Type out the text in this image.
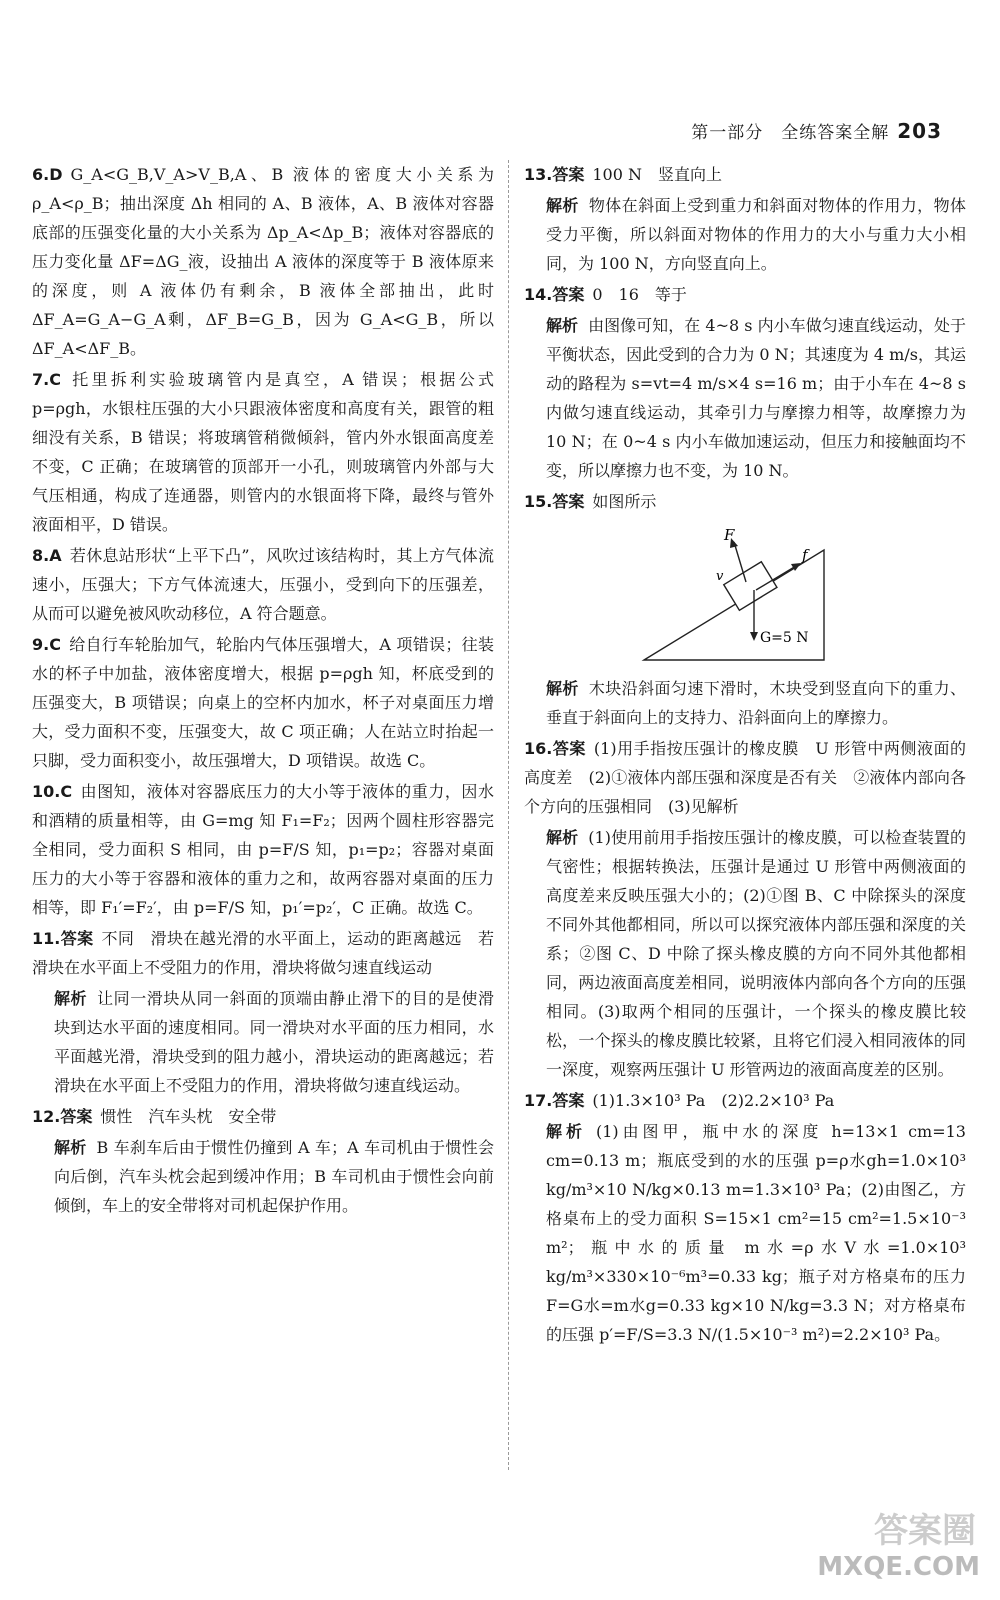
第一部分　全练答案全解 203
6.D G_A<G_B,V_A>V_B,A、B 液体的密度大小关系为 ρ_A<ρ_B；抽出深度 Δh 相同的 A、B 液体，A、B 液体对容器底部的压强变化量的大小关系为 Δp_A<Δp_B；液体对容器底的压力变化量 ΔF=ΔG_液，设抽出 A 液体的深度等于 B 液体原来的深度，则 A 液体仍有剩余，B 液体全部抽出，此时 ΔF_A=G_A−G_A剩，ΔF_B=G_B，因为 G_A<G_B，所以 ΔF_A<ΔF_B。
7.C 托里拆利实验玻璃管内是真空，A 错误；根据公式 p=ρgh，水银柱压强的大小只跟液体密度和高度有关，跟管的粗细没有关系，B 错误；将玻璃管稍微倾斜，管内外水银面高度差不变，C 正确；在玻璃管的顶部开一小孔，则玻璃管内外部与大气压相通，构成了连通器，则管内的水银面将下降，最终与管外液面相平，D 错误。
8.A 若休息站形状“上平下凸”，风吹过该结构时，其上方气体流速小，压强大；下方气体流速大，压强小，受到向下的压强差，从而可以避免被风吹动移位，A 符合题意。
9.C 给自行车轮胎加气，轮胎内气体压强增大，A 项错误；往装水的杯子中加盐，液体密度增大，根据 p=ρgh 知，杯底受到的压强变大，B 项错误；向桌上的空杯内加水，杯子对桌面压力增大，受力面积不变，压强变大，故 C 项正确；人在站立时抬起一只脚，受力面积变小，故压强增大，D 项错误。故选 C。
10.C 由图知，液体对容器底压力的大小等于液体的重力，因水和酒精的质量相等，由 G=mg 知 F₁=F₂；因两个圆柱形容器完全相同，受力面积 S 相同，由 p=F/S 知，p₁=p₂；容器对桌面压力的大小等于容器和液体的重力之和，故两容器对桌面的压力相等，即 F₁′=F₂′，由 p=F/S 知，p₁′=p₂′，C 正确。故选 C。
11.答案 不同　滑块在越光滑的水平面上，运动的距离越远　若滑块在水平面上不受阻力的作用，滑块将做匀速直线运动
解析 让同一滑块从同一斜面的顶端由静止滑下的目的是使滑块到达水平面的速度相同。同一滑块对水平面的压力相同，水平面越光滑，滑块受到的阻力越小，滑块运动的距离越远；若滑块在水平面上不受阻力的作用，滑块将做匀速直线运动。
12.答案 惯性　汽车头枕　安全带
解析 B 车刹车后由于惯性仍撞到 A 车；A 车司机由于惯性会向后倒，汽车头枕会起到缓冲作用；B 车司机由于惯性会向前倾倒，车上的安全带将对司机起保护作用。
13.答案 100 N　竖直向上
解析 物体在斜面上受到重力和斜面对物体的作用力，物体受力平衡，所以斜面对物体的作用力的大小与重力大小相同，为 100 N，方向竖直向上。
14.答案 0　16　等于
解析 由图像可知，在 4~8 s 内小车做匀速直线运动，处于平衡状态，因此受到的合力为 0 N；其速度为 4 m/s，其运动的路程为 s=vt=4 m/s×4 s=16 m；由于小车在 4~8 s 内做匀速直线运动，其牵引力与摩擦力相等，故摩擦力为 10 N；在 0~4 s 内小车做加速运动，但压力和接触面均不变，所以摩擦力也不变，为 10 N。
15.答案 如图所示
F
v
f
G=5 N
解析 木块沿斜面匀速下滑时，木块受到竖直向下的重力、垂直于斜面向上的支持力、沿斜面向上的摩擦力。
16.答案 (1)用手指按压强计的橡皮膜　U 形管中两侧液面的高度差　(2)①液体内部压强和深度是否有关　②液体内部向各个方向的压强相同　(3)见解析
解析 (1)使用前用手指按压强计的橡皮膜，可以检查装置的气密性；根据转换法，压强计是通过 U 形管中两侧液面的高度差来反映压强大小的；(2)①图 B、C 中除探头的深度不同外其他都相同，所以可以探究液体内部压强和深度的关系；②图 C、D 中除了探头橡皮膜的方向不同外其他都相同，两边液面高度差相同，说明液体内部向各个方向的压强相同。(3)取两个相同的压强计，一个探头的橡皮膜比较松，一个探头的橡皮膜比较紧，且将它们浸入相同液体的同一深度，观察两压强计 U 形管两边的液面高度差的区别。
17.答案 (1)1.3×10³ Pa　(2)2.2×10³ Pa
解析 (1)由图甲，瓶中水的深度 h=13×1 cm=13 cm=0.13 m；瓶底受到的水的压强 p=ρ水gh=1.0×10³ kg/m³×10 N/kg×0.13 m=1.3×10³ Pa；(2)由图乙，方格桌布上的受力面积 S=15×1 cm²=15 cm²=1.5×10⁻³ m²；瓶中水的质量 m水=ρ水V水=1.0×10³ kg/m³×330×10⁻⁶m³=0.33 kg；瓶子对方格桌布的压力 F=G水=m水g=0.33 kg×10 N/kg=3.3 N；对方格桌布的压强 p′=F/S=3.3 N/(1.5×10⁻³ m²)=2.2×10³ Pa。
答案圈
MXQE.COM
